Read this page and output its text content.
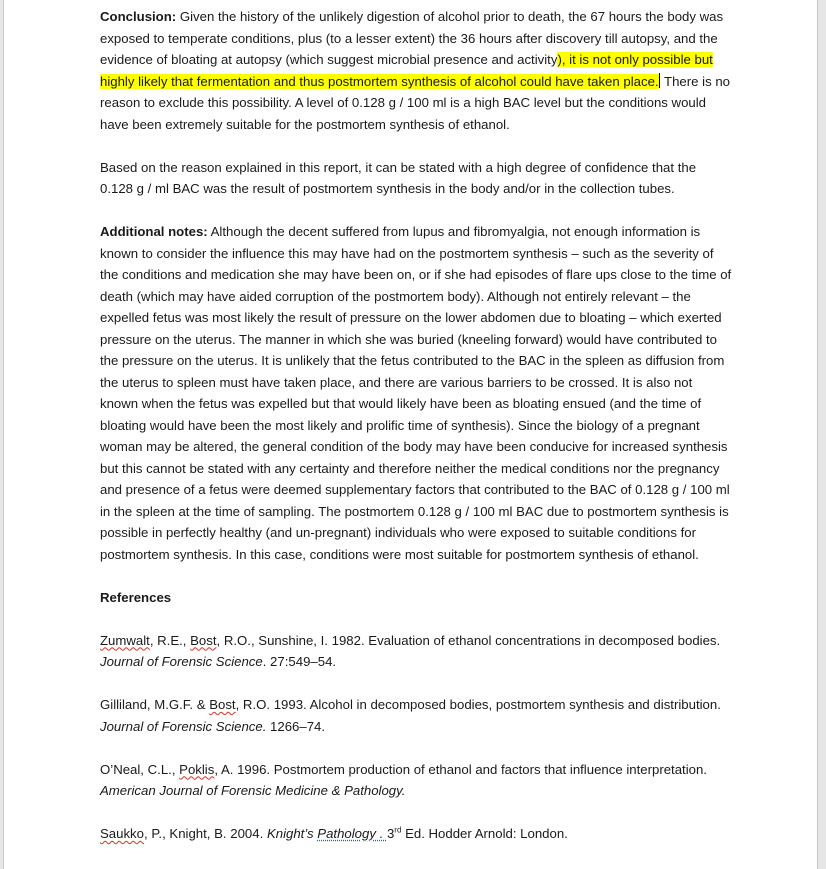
Conclusion: Given the history of the unlikely digestion of alcohol prior to death, the 67 hours the body was exposed to temperate conditions, plus (to a lesser extent) the 36 hours after discovery till autopsy, and the evidence of bloating at autopsy (which suggest microbial presence and activity), it is not only possible but highly likely that fermentation and thus postmortem synthesis of alcohol could have taken place. There is no reason to exclude this possibility. A level of 0.128 g / 100 ml is a high BAC level but the conditions would have been extremely suitable for the postmortem synthesis of ethanol.

Based on the reason explained in this report, it can be stated with a high degree of confidence that the 0.128 g / ml BAC was the result of postmortem synthesis in the body and/or in the collection tubes.

Additional notes: Although the decent suffered from lupus and fibromyalgia, not enough information is known to consider the influence this may have had on the postmortem synthesis – such as the severity of the conditions and medication she may have been on, or if she had episodes of flare ups close to the time of death (which may have aided corruption of the postmortem body). Although not entirely relevant – the expelled fetus was most likely the result of pressure on the lower abdomen due to bloating – which exerted pressure on the uterus. The manner in which she was buried (kneeling forward) would have contributed to the pressure on the uterus. It is unlikely that the fetus contributed to the BAC in the spleen as diffusion from the uterus to spleen must have taken place, and there are various barriers to be crossed. It is also not known when the fetus was expelled but that would likely have been as bloating ensued (and the time of bloating would have been the most likely and prolific time of synthesis). Since the biology of a pregnant woman may be altered, the general condition of the body may have been conducive for increased synthesis but this cannot be stated with any certainty and therefore neither the medical conditions nor the pregnancy and presence of a fetus were deemed supplementary factors that contributed to the BAC of 0.128 g / 100 ml in the spleen at the time of sampling. The postmortem 0.128 g / 100 ml BAC due to postmortem synthesis is possible in perfectly healthy (and un-pregnant) individuals who were exposed to suitable conditions for postmortem synthesis. In this case, conditions were most suitable for postmortem synthesis of ethanol.

References

Zumwalt, R.E., Bost, R.O., Sunshine, I. 1982. Evaluation of ethanol concentrations in decomposed bodies. Journal of Forensic Science. 27:549–54.

Gilliland, M.G.F. & Bost, R.O. 1993. Alcohol in decomposed bodies, postmortem synthesis and distribution. Journal of Forensic Science. 1266–74.

O’Neal, C.L., Poklis, A. 1996. Postmortem production of ethanol and factors that influence interpretation. American Journal of Forensic Medicine & Pathology.

Saukko, P., Knight, B. 2004. Knight’s Pathology . 3rd Ed. Hodder Arnold: London.
